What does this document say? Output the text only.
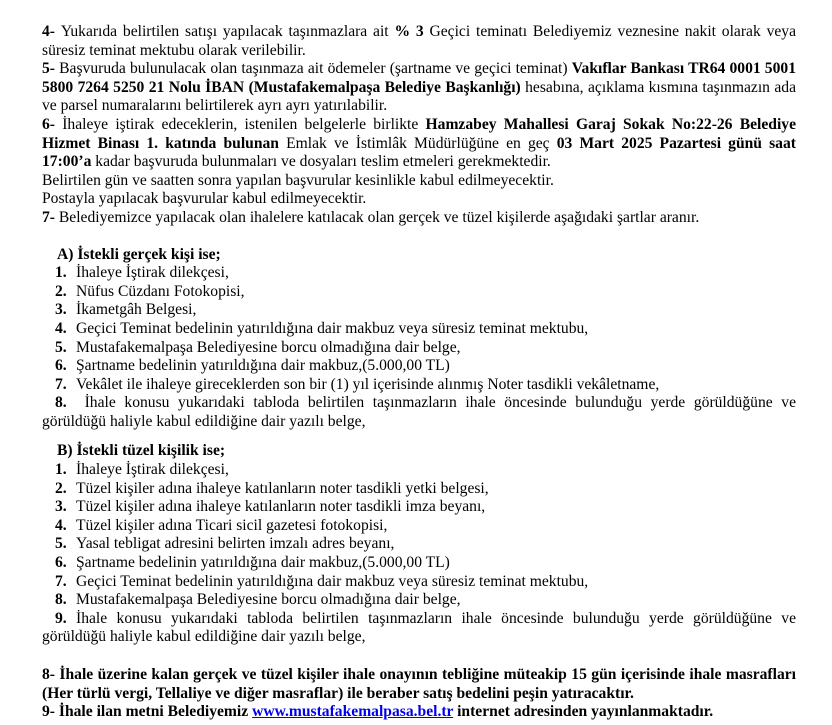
4- Yukarıda belirtilen satışı yapılacak taşınmazlara ait % 3 Geçici teminatı Belediyemiz veznesine nakit olarak veya süresiz teminat mektubu olarak verilebilir.

5- Başvuruda bulunulacak olan taşınmaza ait ödemeler (şartname ve geçici teminat) Vakıflar Bankası TR64 0001 5001 5800 7264 5250 21 Nolu İBAN (Mustafakemalpaşa Belediye Başkanlığı) hesabına, açıklama kısmına taşınmazın ada ve parsel numaralarını belirtilerek ayrı ayrı yatırılabilir.

6- İhaleye iştirak edeceklerin, istenilen belgelerle birlikte Hamzabey Mahallesi Garaj Sokak No:22-26 Belediye Hizmet Binası 1. katında bulunan Emlak ve İstimlâk Müdürlüğüne en geç 03 Mart 2025 Pazartesi günü saat 17:00’a kadar başvuruda bulunmaları ve dosyaları teslim etmeleri gerekmektedir.

Belirtilen gün ve saatten sonra yapılan başvurular kesinlikle kabul edilmeyecektir.

Postayla yapılacak başvurular kabul edilmeyecektir.

7- Belediyemizce yapılacak olan ihalelere katılacak olan gerçek ve tüzel kişilerde aşağıdaki şartlar aranır.

A) İstekli gerçek kişi ise;

1. İhaleye İştirak dilekçesi,
2. Nüfus Cüzdanı Fotokopisi,
3. İkametgâh Belgesi,
4. Geçici Teminat bedelinin yatırıldığına dair makbuz veya süresiz teminat mektubu,
5. Mustafakemalpaşa Belediyesine borcu olmadığına dair belge,
6. Şartname bedelinin yatırıldığına dair makbuz,(5.000,00 TL)
7. Vekâlet ile ihaleye gireceklerden son bir (1) yıl içerisinde alınmış Noter tasdikli vekâletname,
8. İhale konusu yukarıdaki tabloda belirtilen taşınmazların ihale öncesinde bulunduğu yerde görüldüğüne ve görüldüğü haliyle kabul edildiğine dair yazılı belge,

B) İstekli tüzel kişilik ise;

1. İhaleye İştirak dilekçesi,
2. Tüzel kişiler adına ihaleye katılanların noter tasdikli yetki belgesi,
3. Tüzel kişiler adına ihaleye katılanların noter tasdikli imza beyanı,
4. Tüzel kişiler adına Ticari sicil gazetesi fotokopisi,
5. Yasal tebligat adresini belirten imzalı adres beyanı,
6. Şartname bedelinin yatırıldığına dair makbuz,(5.000,00 TL)
7. Geçici Teminat bedelinin yatırıldığına dair makbuz veya süresiz teminat mektubu,
8. Mustafakemalpaşa Belediyesine borcu olmadığına dair belge,
9. İhale konusu yukarıdaki tabloda belirtilen taşınmazların ihale öncesinde bulunduğu yerde görüldüğüne ve görüldüğü haliyle kabul edildiğine dair yazılı belge,

8- İhale üzerine kalan gerçek ve tüzel kişiler ihale onayının tebliğine müteakip 15 gün içerisinde ihale masrafları (Her türlü vergi, Tellaliye ve diğer masraflar) ile beraber satış bedelini peşin yatıracaktır.

9- İhale ilan metni Belediyemiz www.mustafakemalpasa.bel.tr internet adresinden yayınlanmaktadır.
